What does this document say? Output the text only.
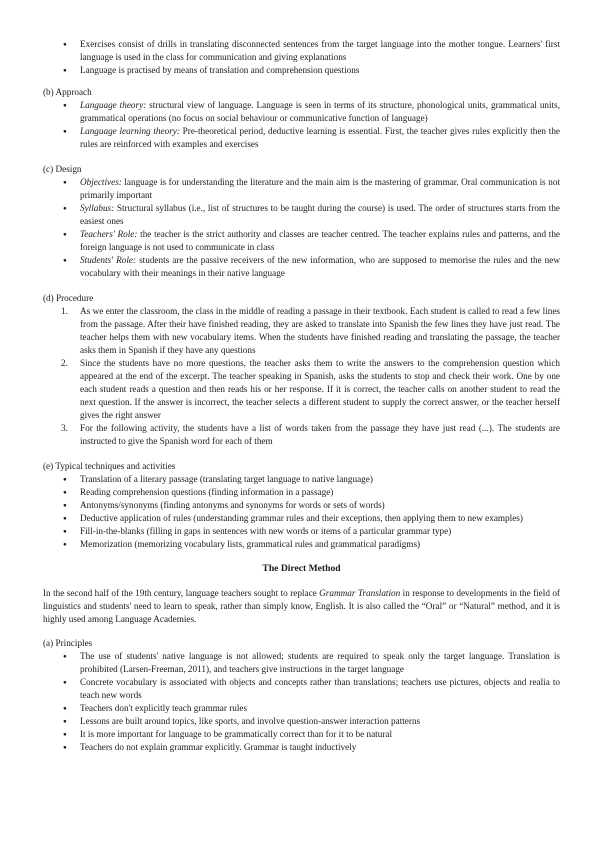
● Exercises consist of drills in translating disconnected sentences from the target language into the mother tongue. Learners' first language is used in the class for communication and giving explanations
● Language is practised by means of translation and comprehension questions
(b) Approach
● Language theory: structural view of language. Language is seen in terms of its structure, phonological units, grammatical units, grammatical operations (no focus on social behaviour or communicative function of language)
● Language learning theory: Pre-theoretical period, deductive learning is essential. First, the teacher gives rules explicitly then the rules are reinforced with examples and exercises
(c) Design
● Objectives: language is for understanding the literature and the main aim is the mastering of grammar. Oral communication is not primarily important
● Syllabus: Structural syllabus (i.e., list of structures to be taught during the course) is used. The order of structures starts from the easiest ones
● Teachers' Role: the teacher is the strict authority and classes are teacher centred. The teacher explains rules and patterns, and the foreign language is not used to communicate in class
● Students' Role: students are the passive receivers of the new information, who are supposed to memorise the rules and the new vocabulary with their meanings in their native language
(d) Procedure
1. As we enter the classroom, the class in the middle of reading a passage in their textbook. Each student is called to read a few lines from the passage. After their have finished reading, they are asked to translate into Spanish the few lines they have just read. The teacher helps them with new vocabulary items. When the students have finished reading and translating the passage, the teacher asks them in Spanish if they have any questions
2. Since the students have no more questions, the teacher asks them to write the answers to the comprehension question which appeared at the end of the excerpt. The teacher speaking in Spanish, asks the students to stop and check their work. One by one each student reads a question and then reads his or her response. If it is correct, the teacher calls on another student to read the next question. If the answer is incorrect, the teacher selects a different student to supply the correct answer, or the teacher herself gives the right answer
3. For the following activity, the students have a list of words taken from the passage they have just read (...). The students are instructed to give the Spanish word for each of them
(e) Typical techniques and activities
● Translation of a literary passage (translating target language to native language)
● Reading comprehension questions (finding information in a passage)
● Antonyms/synonyms (finding antonyms and synonyms for words or sets of words)
● Deductive application of rules (understanding grammar rules and their exceptions, then applying them to new examples)
● Fill-in-the-blanks (filling in gaps in sentences with new words or items of a particular grammar type)
● Memorization (memorizing vocabulary lists, grammatical rules and grammatical paradigms)
The Direct Method

In the second half of the 19th century, language teachers sought to replace Grammar Translation in response to developments in the field of linguistics and students' need to learn to speak, rather than simply know, English. It is also called the “Oral” or “Natural” method, and it is highly used among Language Academies.

(a) Principles
● The use of students' native language is not allowed; students are required to speak only the target language. Translation is prohibited (Larsen-Freeman, 2011), and teachers give instructions in the target language
● Concrete vocabulary is associated with objects and concepts rather than translations; teachers use pictures, objects and realia to teach new words
● Teachers don't explicitly teach grammar rules
● Lessons are built around topics, like sports, and involve question-answer interaction patterns
● It is more important for language to be grammatically correct than for it to be natural
● Teachers do not explain grammar explicitly. Grammar is taught inductively
